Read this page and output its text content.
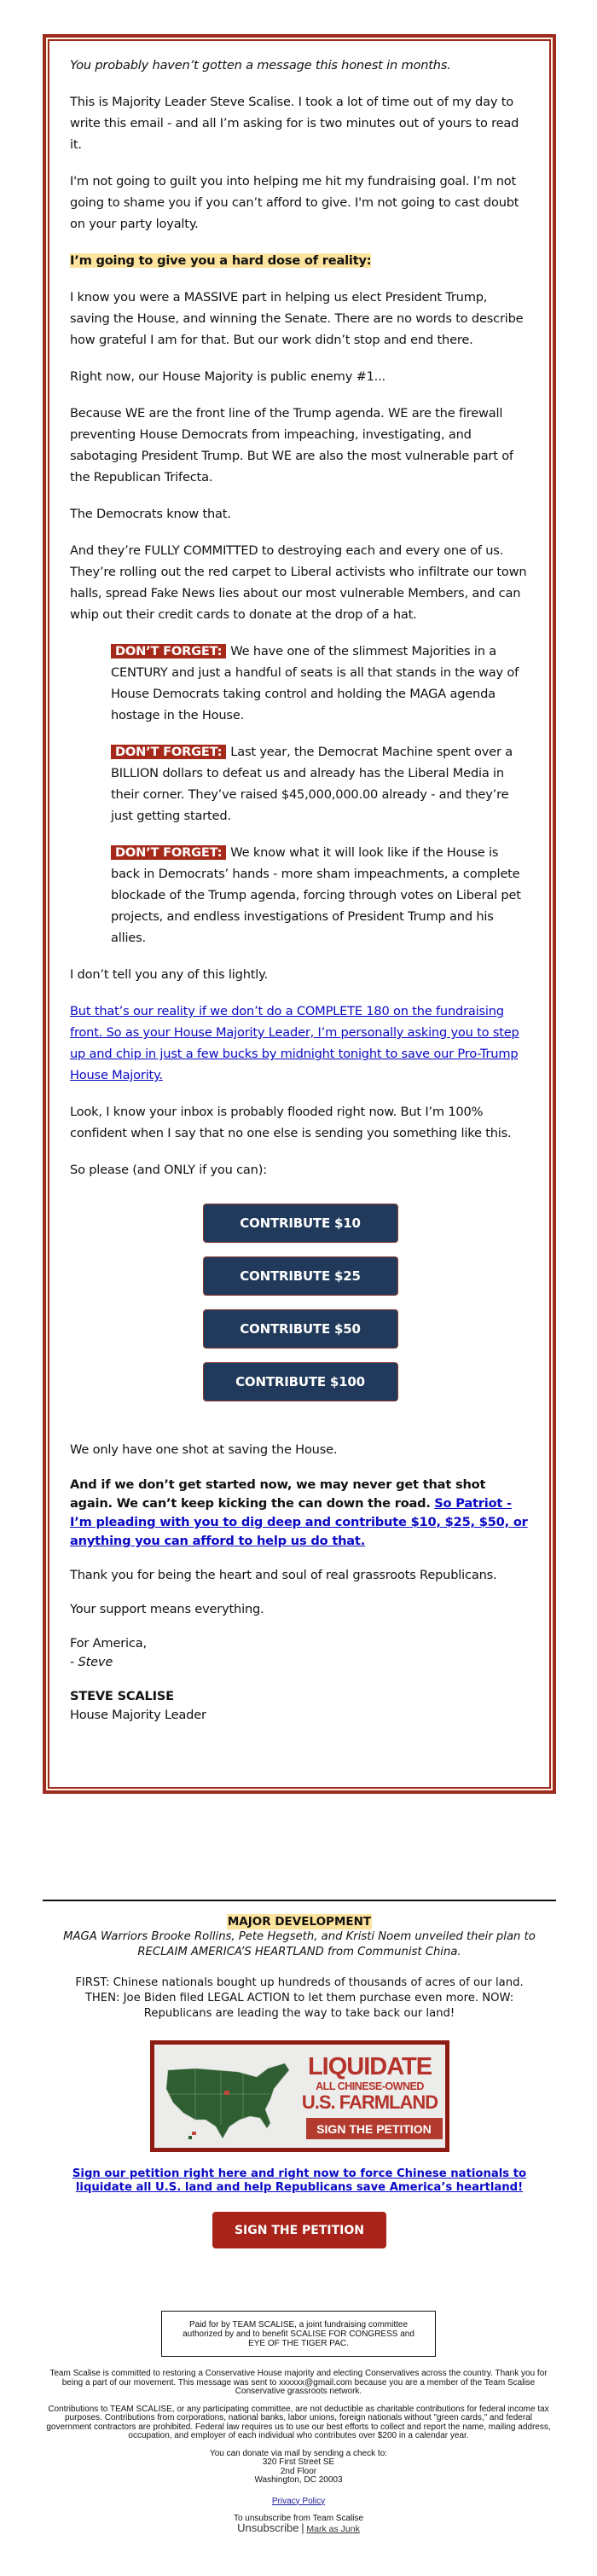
You probably haven’t gotten a message this honest in months.

This is Majority Leader Steve Scalise. I took a lot of time out of my day to write this email - and all I’m asking for is two minutes out of yours to read it.

I'm not going to guilt you into helping me hit my fundraising goal. I’m not going to shame you if you can’t afford to give. I'm not going to cast doubt on your party loyalty.

I’m going to give you a hard dose of reality:

I know you were a MASSIVE part in helping us elect President Trump, saving the House, and winning the Senate. There are no words to describe how grateful I am for that. But our work didn’t stop and end there.

Right now, our House Majority is public enemy #1...

Because WE are the front line of the Trump agenda. WE are the firewall preventing House Democrats from impeaching, investigating, and sabotaging President Trump. But WE are also the most vulnerable part of the Republican Trifecta.

The Democrats know that.

And they’re FULLY COMMITTED to destroying each and every one of us. They’re rolling out the red carpet to Liberal activists who infiltrate our town halls, spread Fake News lies about our most vulnerable Members, and can whip out their credit cards to donate at the drop of a hat.

DON’T FORGET: We have one of the slimmest Majorities in a CENTURY and just a handful of seats is all that stands in the way of House Democrats taking control and holding the MAGA agenda hostage in the House.

DON’T FORGET: Last year, the Democrat Machine spent over a BILLION dollars to defeat us and already has the Liberal Media in their corner. They’ve raised $45,000,000.00 already - and they’re just getting started.

DON’T FORGET: We know what it will look like if the House is back in Democrats’ hands - more sham impeachments, a complete blockade of the Trump agenda, forcing through votes on Liberal pet projects, and endless investigations of President Trump and his allies.

I don’t tell you any of this lightly.

But that’s our reality if we don’t do a COMPLETE 180 on the fundraising front. So as your House Majority Leader, I’m personally asking you to step up and chip in just a few bucks by midnight tonight to save our Pro-Trump House Majority.

Look, I know your inbox is probably flooded right now. But I’m 100% confident when I say that no one else is sending you something like this.

So please (and ONLY if you can):

CONTRIBUTE $10
CONTRIBUTE $25
CONTRIBUTE $50
CONTRIBUTE $100

We only have one shot at saving the House.

And if we don’t get started now, we may never get that shot again. We can’t keep kicking the can down the road. So Patriot - I’m pleading with you to dig deep and contribute $10, $25, $50, or anything you can afford to help us do that.

Thank you for being the heart and soul of real grassroots Republicans.

Your support means everything.

For America,
- Steve

STEVE SCALISE
House Majority Leader

MAJOR DEVELOPMENT
MAGA Warriors Brooke Rollins, Pete Hegseth, and Kristi Noem unveiled their plan to RECLAIM AMERICA’S HEARTLAND from Communist China.
FIRST: Chinese nationals bought up hundreds of thousands of acres of our land. THEN: Joe Biden filed LEGAL ACTION to let them purchase even more. NOW: Republicans are leading the way to take back our land!
LIQUIDATE
ALL CHINESE-OWNED
U.S. FARMLAND
SIGN THE PETITION
Sign our petition right here and right now to force Chinese nationals to liquidate all U.S. land and help Republicans save America’s heartland!
SIGN THE PETITION
Paid for by TEAM SCALISE, a joint fundraising committee
authorized by and to benefit SCALISE FOR CONGRESS and
EYE OF THE TIGER PAC.

Team Scalise is committed to restoring a Conservative House majority and electing Conservatives across the country. Thank you for being a part of our movement. This message was sent to xxxxxx@gmail.com because you are a member of the Team Scalise Conservative grassroots network.

Contributions to TEAM SCALISE, or any participating committee, are not deductible as charitable contributions for federal income tax purposes. Contributions from corporations, national banks, labor unions, foreign nationals without "green cards," and federal government contractors are prohibited. Federal law requires us to use our best efforts to collect and report the name, mailing address, occupation, and employer of each individual who contributes over $200 in a calendar year.

You can donate via mail by sending a check to:
320 First Street SE
2nd Floor
Washington, DC 20003

Privacy Policy

To unsubscribe from Team Scalise
Unsubscribe | Mark as Junk
